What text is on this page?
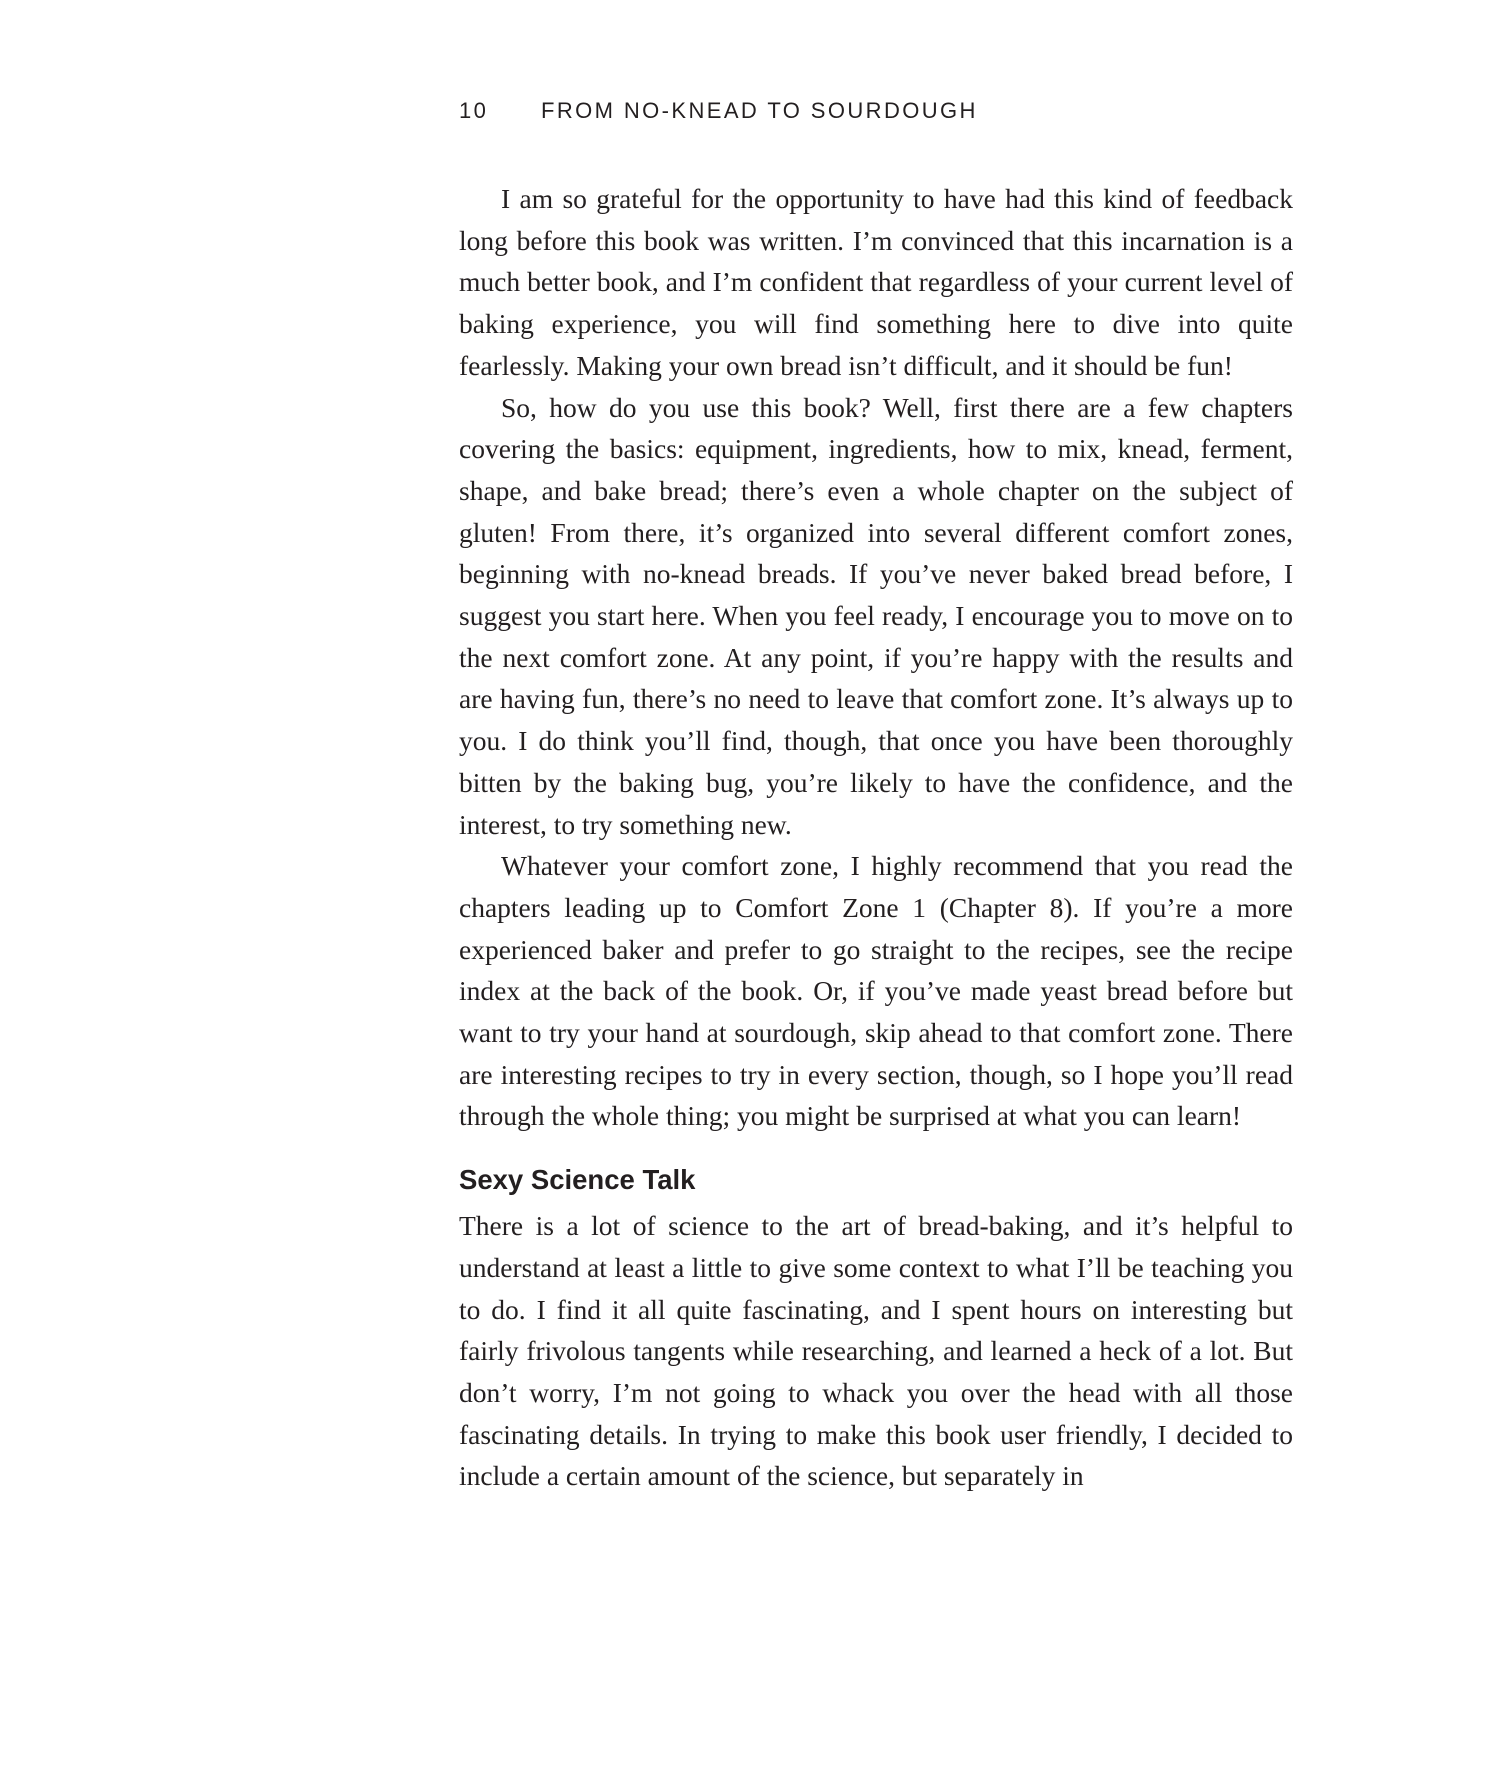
10 FROM NO-KNEAD TO SOURDOUGH

I am so grateful for the opportunity to have had this kind of feedback long before this book was written. I’m convinced that this incarnation is a much better book, and I’m confident that regardless of your current level of baking experience, you will find something here to dive into quite fearlessly. Making your own bread isn’t difficult, and it should be fun!

So, how do you use this book? Well, first there are a few chapters covering the basics: equipment, ingredients, how to mix, knead, ferment, shape, and bake bread; there’s even a whole chapter on the subject of gluten! From there, it’s organized into several different comfort zones, beginning with no-knead breads. If you’ve never baked bread before, I suggest you start here. When you feel ready, I encourage you to move on to the next comfort zone. At any point, if you’re happy with the results and are having fun, there’s no need to leave that comfort zone. It’s always up to you. I do think you’ll find, though, that once you have been thoroughly bitten by the baking bug, you’re likely to have the confidence, and the interest, to try something new.

Whatever your comfort zone, I highly recommend that you read the chapters leading up to Comfort Zone 1 (Chapter 8). If you’re a more experienced baker and prefer to go straight to the recipes, see the recipe index at the back of the book. Or, if you’ve made yeast bread before but want to try your hand at sourdough, skip ahead to that comfort zone. There are interesting recipes to try in every section, though, so I hope you’ll read through the whole thing; you might be surprised at what you can learn!

Sexy Science Talk

There is a lot of science to the art of bread-baking, and it’s helpful to understand at least a little to give some context to what I’ll be teaching you to do. I find it all quite fascinating, and I spent hours on interesting but fairly frivolous tangents while researching, and learned a heck of a lot. But don’t worry, I’m not going to whack you over the head with all those fascinating details. In trying to make this book user friendly, I decided to include a certain amount of the science, but separately in
